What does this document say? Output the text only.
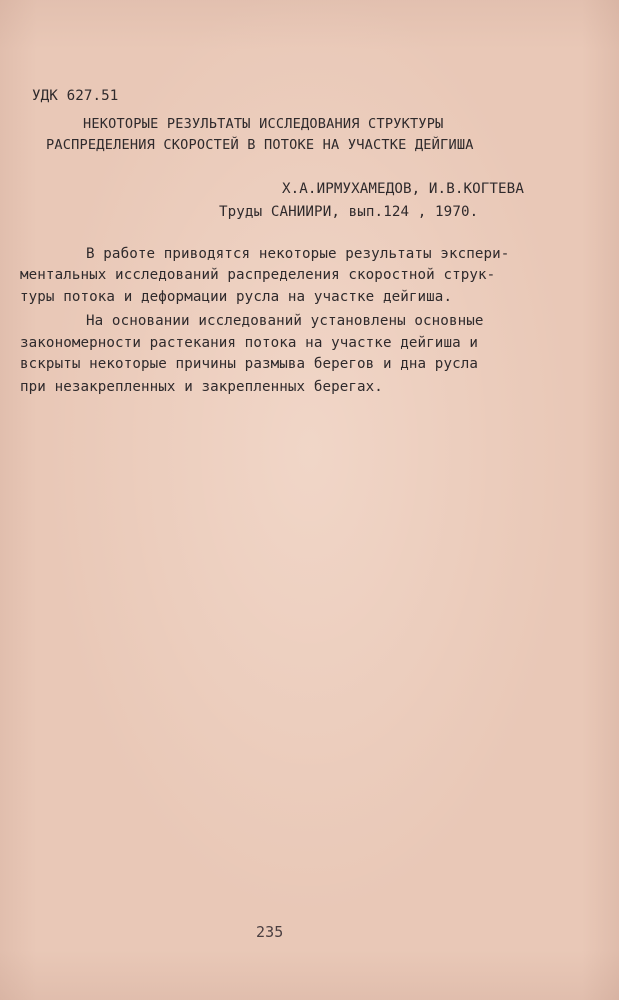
УДК 627.51
НЕКОТОРЫЕ РЕЗУЛЬТАТЫ ИССЛЕДОВАНИЯ СТРУКТУРЫ
РАСПРЕДЕЛЕНИЯ СКОРОСТЕЙ В ПОТОКЕ НА УЧАСТКЕ ДЕЙГИША
Х.А.ИРМУХАМЕДОВ, И.В.КОГТЕВА
Труды САНИИРИ, вып.124 , 1970.
В работе приводятся некоторые результаты экспери-
ментальных исследований распределения скоростной струк-
туры потока и деформации русла на участке дейгиша.
На основании исследований установлены основные
закономерности растекания потока на участке дейгиша и
вскрыты некоторые причины размыва берегов и дна русла
при незакрепленных и закрепленных берегах.
235
